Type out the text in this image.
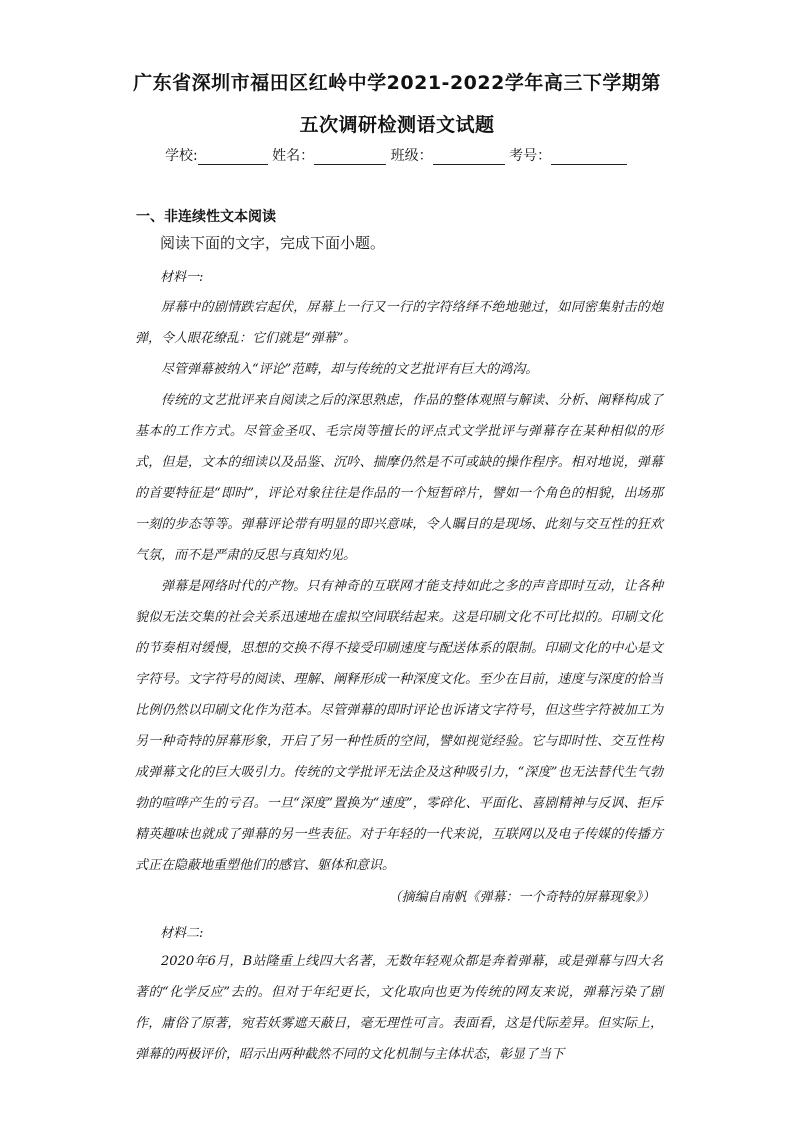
广东省深圳市福田区红岭中学2021-2022学年高三下学期第
五次调研检测语文试题
学校:	姓名：	班级：	考号：
一、非连续性文本阅读
阅读下面的文字，完成下面小题。
材料一:

屏幕中的剧情跌宕起伏，屏幕上一行又一行的字符络绎不绝地驰过，如同密集射击的炮弹，令人眼花缭乱：它们就是“弹幕”。

尽管弹幕被纳入“评论”范畴，却与传统的文艺批评有巨大的鸿沟。

传统的文艺批评来自阅读之后的深思熟虑，作品的整体观照与解读、分析、阐释构成了基本的工作方式。尽管金圣叹、毛宗岗等擅长的评点式文学批评与弹幕存在某种相似的形式，但是，文本的细读以及品鉴、沉吟、揣摩仍然是不可或缺的操作程序。相对地说，弹幕的首要特征是“即时”，评论对象往往是作品的一个短暂碎片，譬如一个角色的相貌，出场那一刻的步态等等。弹幕评论带有明显的即兴意味，令人瞩目的是现场、此刻与交互性的狂欢气氛，而不是严肃的反思与真知灼见。

弹幕是网络时代的产物。只有神奇的互联网才能支持如此之多的声音即时互动，让各种貌似无法交集的社会关系迅速地在虚拟空间联结起来。这是印刷文化不可比拟的。印刷文化的节奏相对缓慢，思想的交换不得不接受印刷速度与配送体系的限制。印刷文化的中心是文字符号。文字符号的阅读、理解、阐释形成一种深度文化。至少在目前，速度与深度的恰当比例仍然以印刷文化作为范本。尽管弹幕的即时评论也诉诸文字符号，但这些字符被加工为另一种奇特的屏幕形象，开启了另一种性质的空间，譬如视觉经验。它与即时性、交互性构成弹幕文化的巨大吸引力。传统的文学批评无法企及这种吸引力，“深度”也无法替代生气勃勃的喧哗产生的亏召。一旦“深度”置换为“速度”，零碎化、平面化、喜剧精神与反讽、拒斥精英趣味也就成了弹幕的另一些表征。对于年轻的一代来说，互联网以及电子传媒的传播方式正在隐蔽地重塑他们的感官、躯体和意识。

（摘编自南帆《弹幕：一个奇特的屏幕现象》）
材料二:

2020年6月，B站隆重上线四大名著，无数年轻观众都是奔着弹幕，或是弹幕与四大名著的“化学反应”去的。但对于年纪更长，文化取向也更为传统的网友来说，弹幕污染了剧作，庸俗了原著，宛若妖雾遮天蔽日，毫无理性可言。表面看，这是代际差异。但实际上，弹幕的两极评价，昭示出两种截然不同的文化机制与主体状态，彰显了当下
